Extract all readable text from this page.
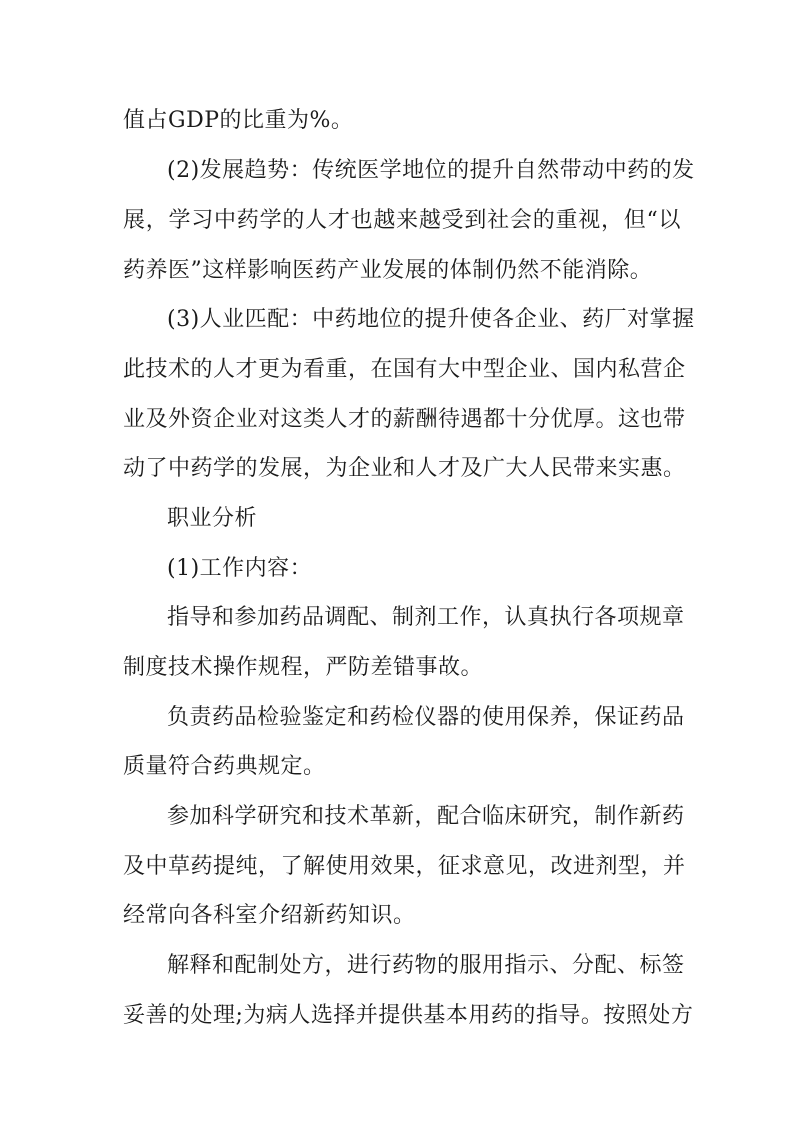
值占GDP的比重为%。
(2)发展趋势：传统医学地位的提升自然带动中药的发
展，学习中药学的人才也越来越受到社会的重视，但“以
药养医”这样影响医药产业发展的体制仍然不能消除。
(3)人业匹配：中药地位的提升使各企业、药厂对掌握
此技术的人才更为看重，在国有大中型企业、国内私营企
业及外资企业对这类人才的薪酬待遇都十分优厚。这也带
动了中药学的发展，为企业和人才及广大人民带来实惠。
职业分析
(1)工作内容：
指导和参加药品调配、制剂工作，认真执行各项规章
制度技术操作规程，严防差错事故。
负责药品检验鉴定和药检仪器的使用保养，保证药品
质量符合药典规定。
参加科学研究和技术革新，配合临床研究，制作新药
及中草药提纯，了解使用效果，征求意见，改进剂型，并
经常向各科室介绍新药知识。
解释和配制处方，进行药物的服用指示、分配、标签
妥善的处理;为病人选择并提供基本用药的指导。按照处方
